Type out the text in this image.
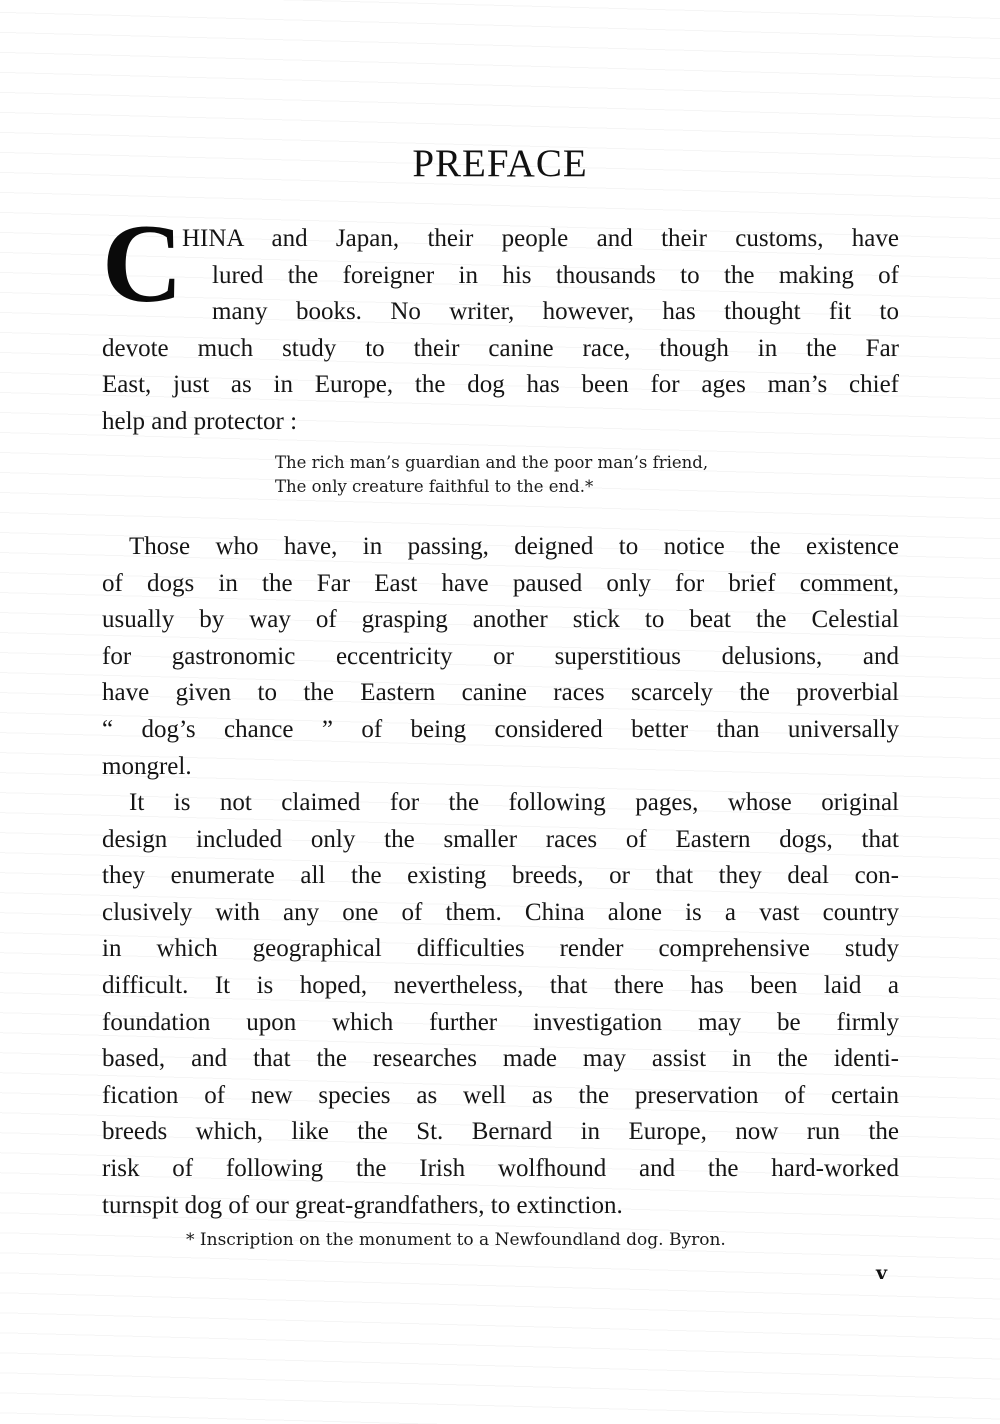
PREFACE
C HINA and Japan, their people and their customs, have
lured the foreigner in his thousands to the making of
many books. No writer, however, has thought fit to
devote much study to their canine race, though in the Far
East, just as in Europe, the dog has been for ages man’s chief
help and protector :
The rich man’s guardian and the poor man’s friend,
The only creature faithful to the end.*
Those who have, in passing, deigned to notice the existence
of dogs in the Far East have paused only for brief comment,
usually by way of grasping another stick to beat the Celestial
for gastronomic eccentricity or superstitious delusions, and
have given to the Eastern canine races scarcely the proverbial
“ dog’s chance ” of being considered better than universally
mongrel.
It is not claimed for the following pages, whose original
design included only the smaller races of Eastern dogs, that
they enumerate all the existing breeds, or that they deal con-
clusively with any one of them. China alone is a vast country
in which geographical difficulties render comprehensive study
difficult. It is hoped, nevertheless, that there has been laid a
foundation upon which further investigation may be firmly
based, and that the researches made may assist in the identi-
fication of new species as well as the preservation of certain
breeds which, like the St. Bernard in Europe, now run the
risk of following the Irish wolfhound and the hard-worked
turnspit dog of our great-grandfathers, to extinction.
* Inscription on the monument to a Newfoundland dog. Byron.
v
